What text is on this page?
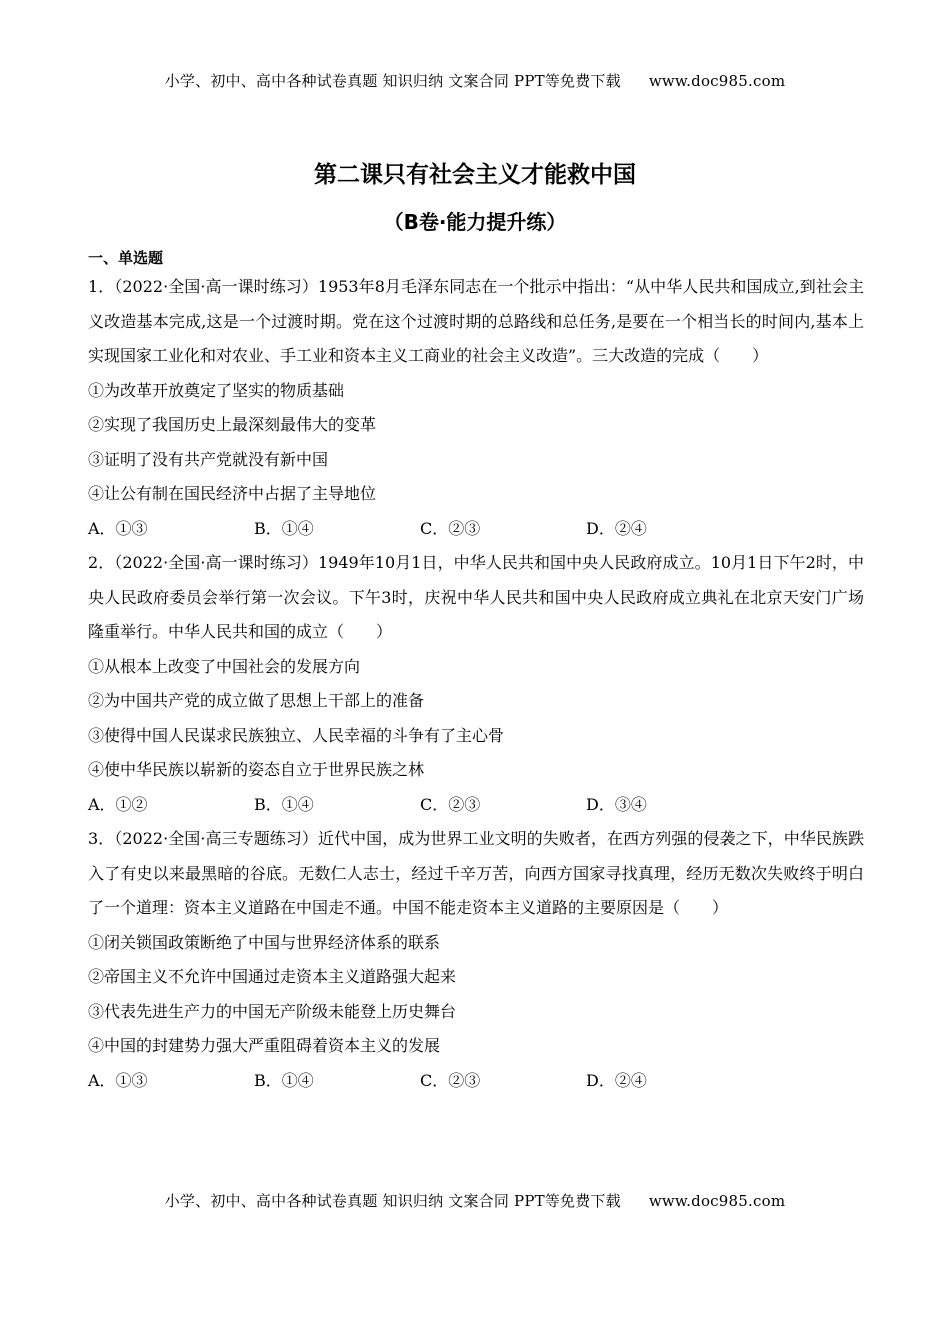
小学、初中、高中各种试卷真题 知识归纳 文案合同 PPT等免费下载 www.doc985.com
第二课只有社会主义才能救中国
（B卷·能力提升练）
一、单选题

1．（2022·全国·高一课时练习）1953年8月毛泽东同志在一个批示中指出：“从中华人民共和国成立,到社会主义改造基本完成,这是一个过渡时期。党在这个过渡时期的总路线和总任务,是要在一个相当长的时间内,基本上实现国家工业化和对农业、手工业和资本主义工商业的社会主义改造”。三大改造的完成（　　）

①为改革开放奠定了坚实的物质基础

②实现了我国历史上最深刻最伟大的变革

③证明了没有共产党就没有新中国

④让公有制在国民经济中占据了主导地位

A．①③	B．①④	C．②③	D．②④

2．（2022·全国·高一课时练习）1949年10月1日，中华人民共和国中央人民政府成立。10月1日下午2时，中央人民政府委员会举行第一次会议。下午3时，庆祝中华人民共和国中央人民政府成立典礼在北京天安门广场隆重举行。中华人民共和国的成立（　　）

①从根本上改变了中国社会的发展方向

②为中国共产党的成立做了思想上干部上的准备

③使得中国人民谋求民族独立、人民幸福的斗争有了主心骨

④使中华民族以崭新的姿态自立于世界民族之林

A．①②	B．①④	C．②③	D．③④

3．（2022·全国·高三专题练习）近代中国，成为世界工业文明的失败者，在西方列强的侵袭之下，中华民族跌入了有史以来最黑暗的谷底。无数仁人志士，经过千辛万苦，向西方国家寻找真理，经历无数次失败终于明白了一个道理：资本主义道路在中国走不通。中国不能走资本主义道路的主要原因是（　　）

①闭关锁国政策断绝了中国与世界经济体系的联系

②帝国主义不允许中国通过走资本主义道路强大起来

③代表先进生产力的中国无产阶级未能登上历史舞台

④中国的封建势力强大严重阻碍着资本主义的发展

A．①③	B．①④	C．②③	D．②④
小学、初中、高中各种试卷真题 知识归纳 文案合同 PPT等免费下载 www.doc985.com
